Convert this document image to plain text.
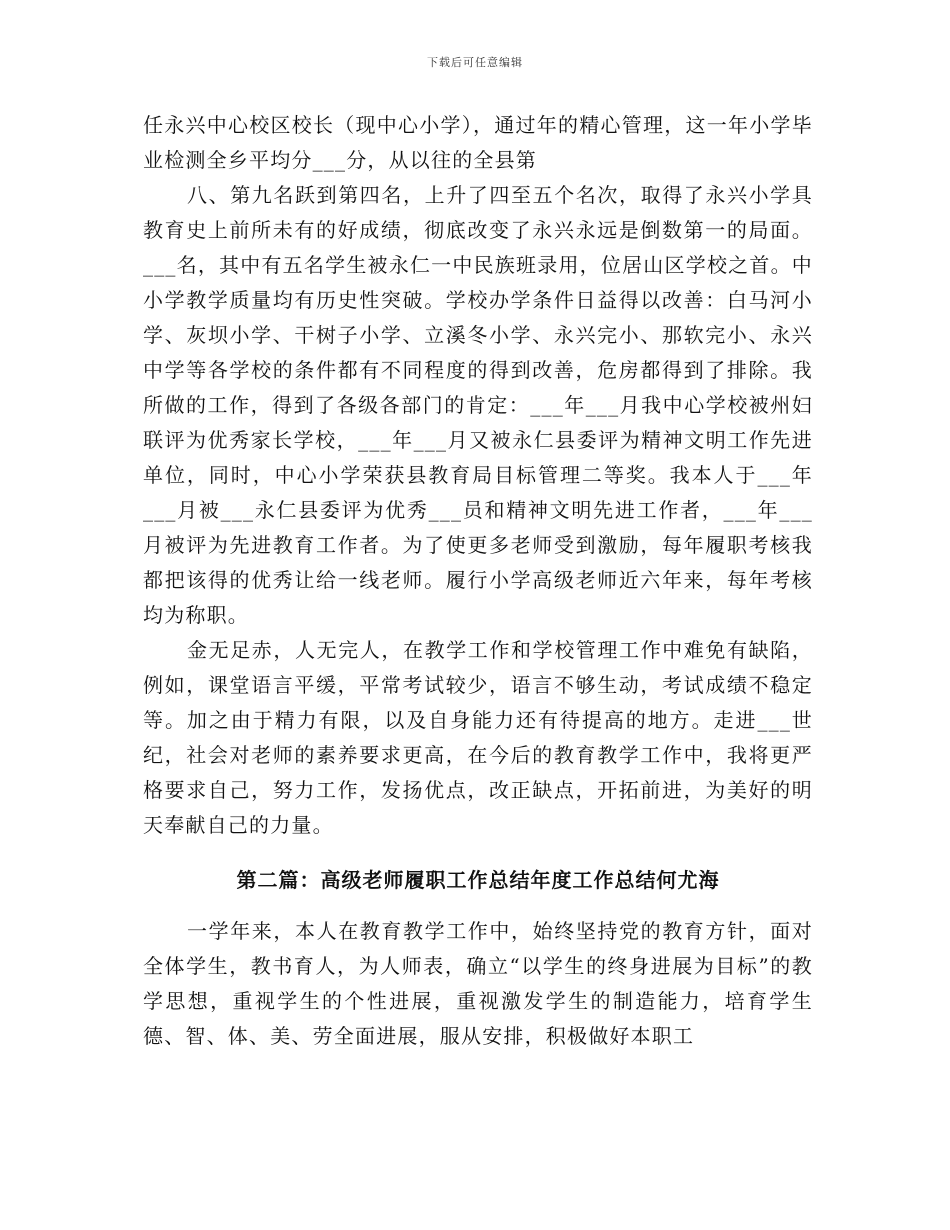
下载后可任意编辑

任永兴中心校区校长（现中心小学），通过年的精心管理，这一年小学毕业检测全乡平均分___分，从以往的全县第

八、第九名跃到第四名，上升了四至五个名次，取得了永兴小学具教育史上前所未有的好成绩，彻底改变了永兴永远是倒数第一的局面。___名，其中有五名学生被永仁一中民族班录用，位居山区学校之首。中小学教学质量均有历史性突破。学校办学条件日益得以改善：白马河小学、灰坝小学、干树子小学、立溪冬小学、永兴完小、那软完小、永兴中学等各学校的条件都有不同程度的得到改善，危房都得到了排除。我所做的工作，得到了各级各部门的肯定：___年___月我中心学校被州妇联评为优秀家长学校，___年___月又被永仁县委评为精神文明工作先进单位，同时，中心小学荣获县教育局目标管理二等奖。我本人于___年___月被___永仁县委评为优秀___员和精神文明先进工作者，___年___月被评为先进教育工作者。为了使更多老师受到激励，每年履职考核我都把该得的优秀让给一线老师。履行小学高级老师近六年来，每年考核均为称职。

金无足赤，人无完人，在教学工作和学校管理工作中难免有缺陷，例如，课堂语言平缓，平常考试较少，语言不够生动，考试成绩不稳定等。加之由于精力有限，以及自身能力还有待提高的地方。走进___世纪，社会对老师的素养要求更高，在今后的教育教学工作中，我将更严格要求自己，努力工作，发扬优点，改正缺点，开拓前进，为美好的明天奉献自己的力量。

第二篇：高级老师履职工作总结年度工作总结何尤海

一学年来，本人在教育教学工作中，始终坚持党的教育方针，面对全体学生，教书育人，为人师表，确立“以学生的终身进展为目标”的教学思想，重视学生的个性进展，重视激发学生的制造能力，培育学生德、智、体、美、劳全面进展，服从安排，积极做好本职工
